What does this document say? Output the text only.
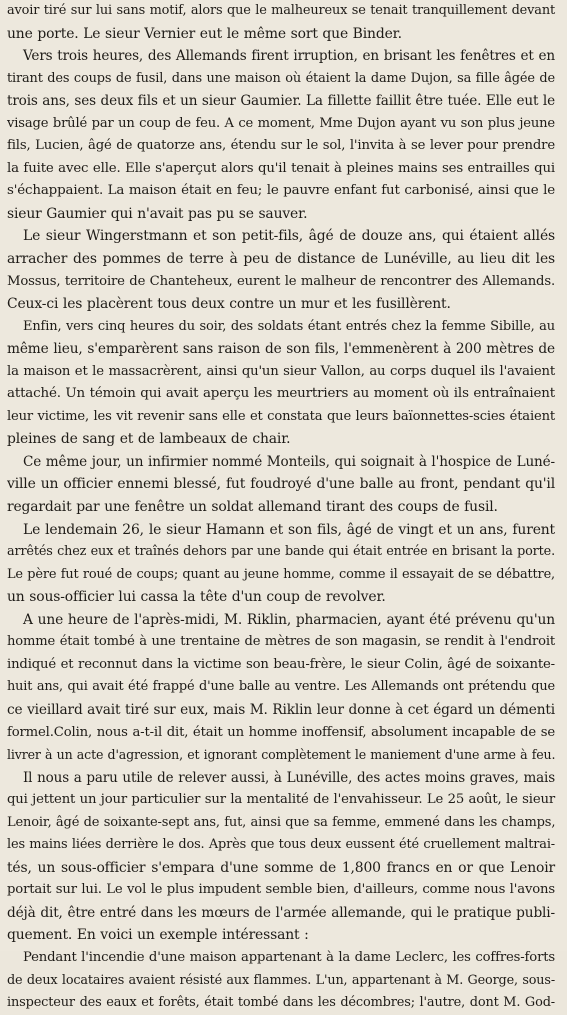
avoir tiré sur lui sans motif, alors que le malheureux se tenait tranquillement devant
une porte. Le sieur Vernier eut le même sort que Binder.
Vers trois heures, des Allemands firent irruption, en brisant les fenêtres et en
tirant des coups de fusil, dans une maison où étaient la dame Dujon, sa fille âgée de
trois ans, ses deux fils et un sieur Gaumier. La fillette faillit être tuée. Elle eut le
visage brûlé par un coup de feu. A ce moment, Mme Dujon ayant vu son plus jeune
fils, Lucien, âgé de quatorze ans, étendu sur le sol, l'invita à se lever pour prendre
la fuite avec elle. Elle s'aperçut alors qu'il tenait à pleines mains ses entrailles qui
s'échappaient. La maison était en feu; le pauvre enfant fut carbonisé, ainsi que le
sieur Gaumier qui n'avait pas pu se sauver.
Le sieur Wingerstmann et son petit-fils, âgé de douze ans, qui étaient allés
arracher des pommes de terre à peu de distance de Lunéville, au lieu dit les
Mossus, territoire de Chanteheux, eurent le malheur de rencontrer des Allemands.
Ceux-ci les placèrent tous deux contre un mur et les fusillèrent.
Enfin, vers cinq heures du soir, des soldats étant entrés chez la femme Sibille, au
même lieu, s'emparèrent sans raison de son fils, l'emmenèrent à 200 mètres de
la maison et le massacrèrent, ainsi qu'un sieur Vallon, au corps duquel ils l'avaient
attaché. Un témoin qui avait aperçu les meurtriers au moment où ils entraînaient
leur victime, les vit revenir sans elle et constata que leurs baïonnettes-scies étaient
pleines de sang et de lambeaux de chair.
Ce même jour, un infirmier nommé Monteils, qui soignait à l'hospice de Luné-
ville un officier ennemi blessé, fut foudroyé d'une balle au front, pendant qu'il
regardait par une fenêtre un soldat allemand tirant des coups de fusil.
Le lendemain 26, le sieur Hamann et son fils, âgé de vingt et un ans, furent
arrêtés chez eux et traînés dehors par une bande qui était entrée en brisant la porte.
Le père fut roué de coups; quant au jeune homme, comme il essayait de se débattre,
un sous-officier lui cassa la tête d'un coup de revolver.
A une heure de l'après-midi, M. Riklin, pharmacien, ayant été prévenu qu'un
homme était tombé à une trentaine de mètres de son magasin, se rendit à l'endroit
indiqué et reconnut dans la victime son beau-frère, le sieur Colin, âgé de soixante-
huit ans, qui avait été frappé d'une balle au ventre. Les Allemands ont prétendu que
ce vieillard avait tiré sur eux, mais M. Riklin leur donne à cet égard un démenti
formel.Colin, nous a-t-il dit, était un homme inoffensif, absolument incapable de se
livrer à un acte d'agression, et ignorant complètement le maniement d'une arme à feu.
Il nous a paru utile de relever aussi, à Lunéville, des actes moins graves, mais
qui jettent un jour particulier sur la mentalité de l'envahisseur. Le 25 août, le sieur
Lenoir, âgé de soixante-sept ans, fut, ainsi que sa femme, emmené dans les champs,
les mains liées derrière le dos. Après que tous deux eussent été cruellement maltrai-
tés, un sous-officier s'empara d'une somme de 1,800 francs en or que Lenoir
portait sur lui. Le vol le plus impudent semble bien, d'ailleurs, comme nous l'avons
déjà dit, être entré dans les mœurs de l'armée allemande, qui le pratique publi-
quement. En voici un exemple intéressant :
Pendant l'incendie d'une maison appartenant à la dame Leclerc, les coffres-forts
de deux locataires avaient résisté aux flammes. L'un, appartenant à M. George, sous-
inspecteur des eaux et forêts, était tombé dans les décombres; l'autre, dont M. God-
